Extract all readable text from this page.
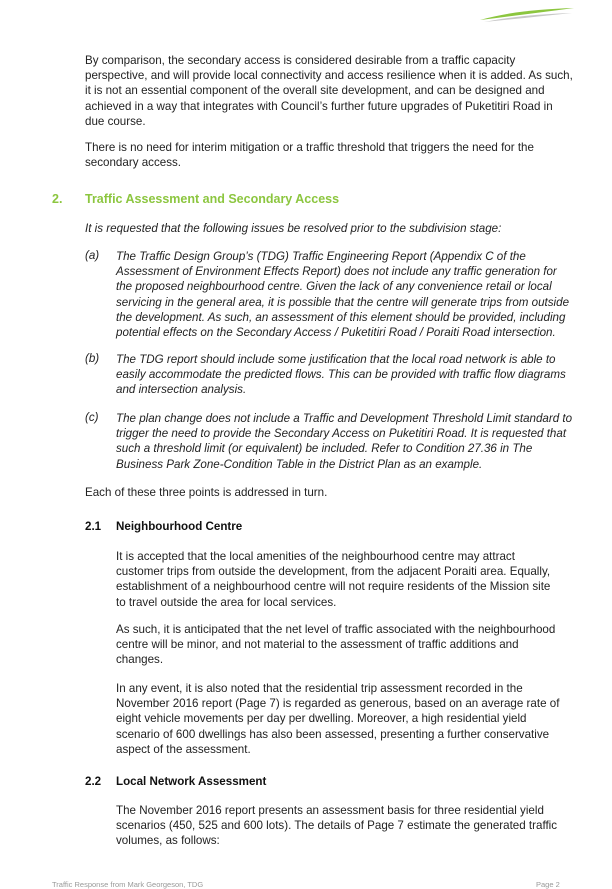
By comparison, the secondary access is considered desirable from a traffic capacity
perspective, and will provide local connectivity and access resilience when it is added. As such,
it is not an essential component of the overall site development, and can be designed and
achieved in a way that integrates with Council’s further future upgrades of Puketitiri Road in
due course.

There is no need for interim mitigation or a traffic threshold that triggers the need for the
secondary access.

2. Traffic Assessment and Secondary Access

It is requested that the following issues be resolved prior to the subdivision stage:

(a) The Traffic Design Group’s (TDG) Traffic Engineering Report (Appendix C of the
Assessment of Environment Effects Report) does not include any traffic generation for
the proposed neighbourhood centre. Given the lack of any convenience retail or local
servicing in the general area, it is possible that the centre will generate trips from outside
the development. As such, an assessment of this element should be provided, including
potential effects on the Secondary Access / Puketitiri Road / Poraiti Road intersection.

(b) The TDG report should include some justification that the local road network is able to
easily accommodate the predicted flows. This can be provided with traffic flow diagrams
and intersection analysis.

(c) The plan change does not include a Traffic and Development Threshold Limit standard to
trigger the need to provide the Secondary Access on Puketitiri Road. It is requested that
such a threshold limit (or equivalent) be included. Refer to Condition 27.36 in The
Business Park Zone-Condition Table in the District Plan as an example.

Each of these three points is addressed in turn.

2.1 Neighbourhood Centre

It is accepted that the local amenities of the neighbourhood centre may attract
customer trips from outside the development, from the adjacent Poraiti area. Equally,
establishment of a neighbourhood centre will not require residents of the Mission site
to travel outside the area for local services.

As such, it is anticipated that the net level of traffic associated with the neighbourhood
centre will be minor, and not material to the assessment of traffic additions and
changes.

In any event, it is also noted that the residential trip assessment recorded in the
November 2016 report (Page 7) is regarded as generous, based on an average rate of
eight vehicle movements per day per dwelling. Moreover, a high residential yield
scenario of 600 dwellings has also been assessed, presenting a further conservative
aspect of the assessment.

2.2 Local Network Assessment

The November 2016 report presents an assessment basis for three residential yield
scenarios (450, 525 and 600 lots). The details of Page 7 estimate the generated traffic
volumes, as follows:

Traffic Response from Mark Georgeson, TDG	Page 2
